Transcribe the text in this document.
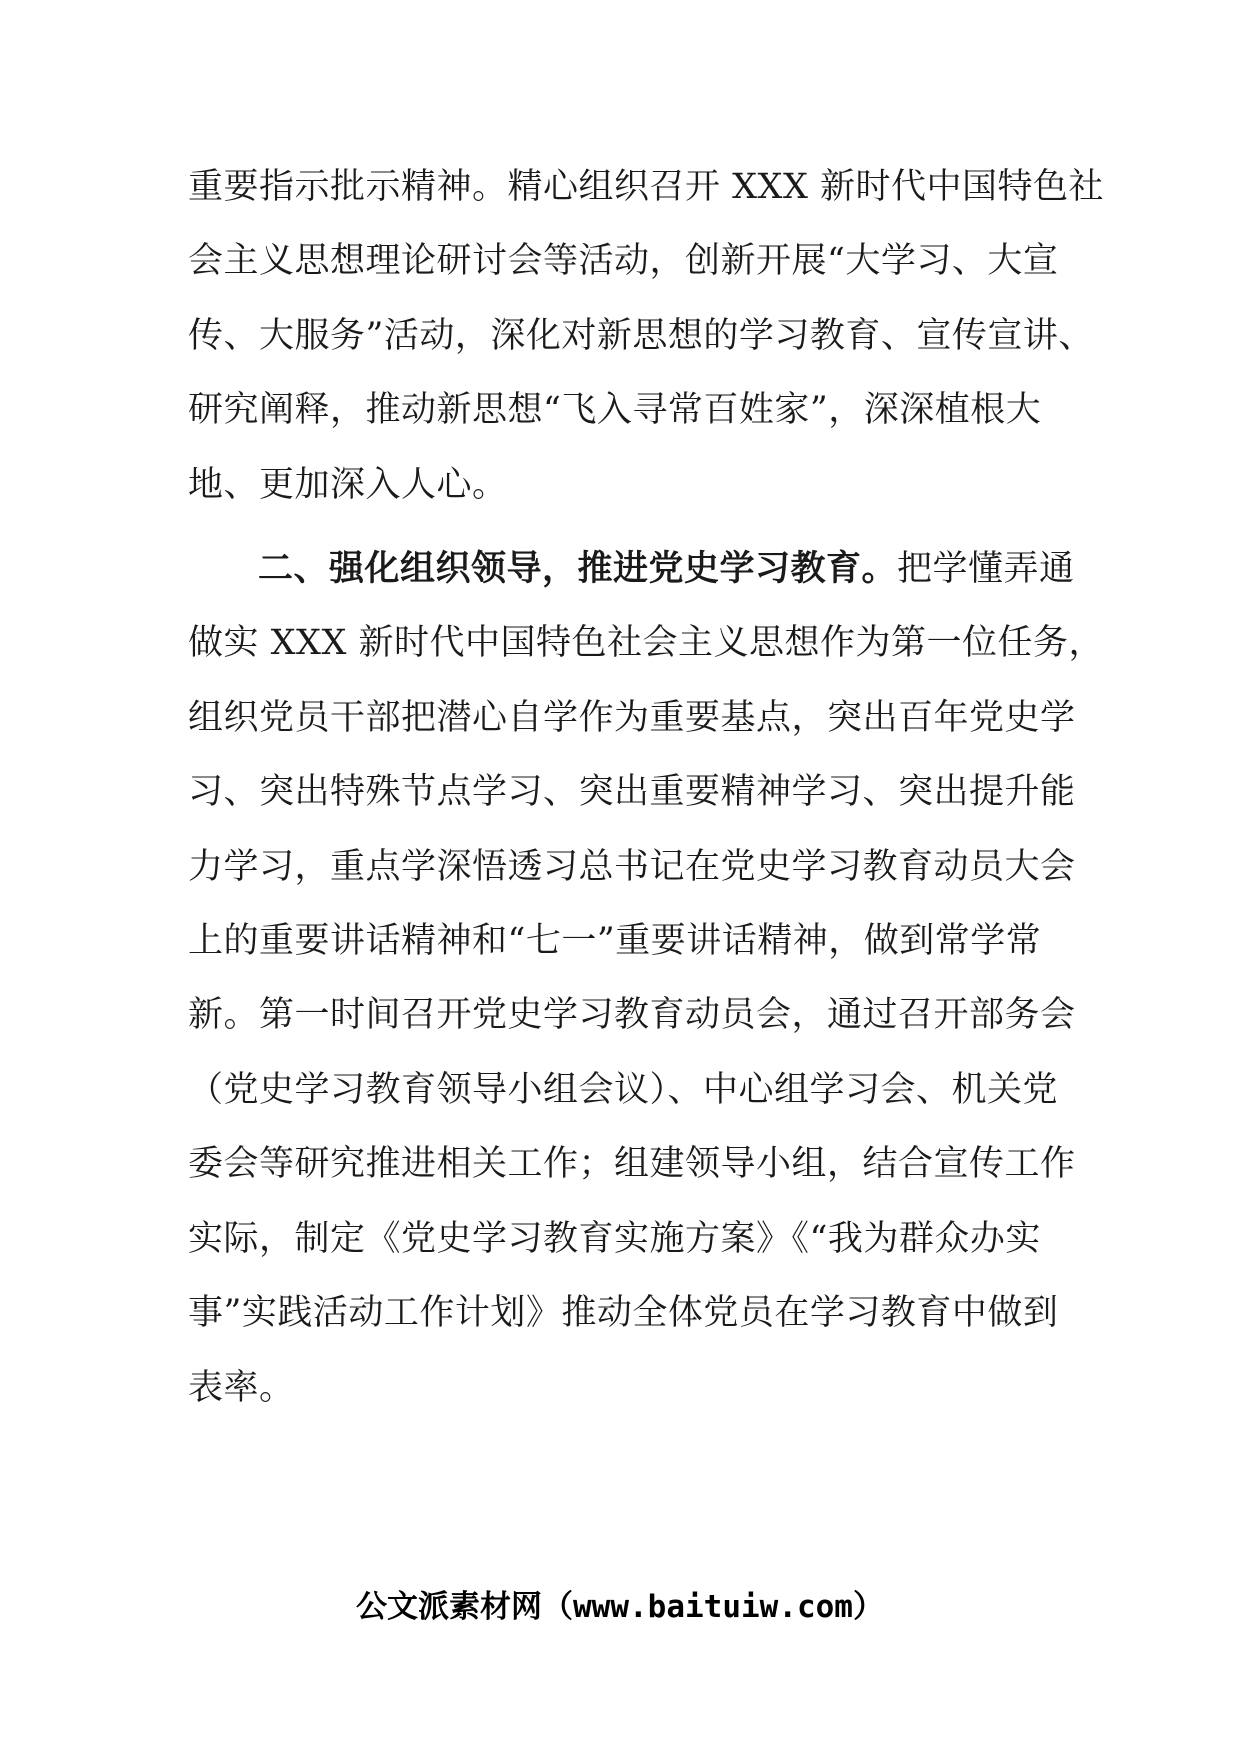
重要指示批示精神。精心组织召开 XXX 新时代中国特色社
会主义思想理论研讨会等活动，创新开展“大学习、大宣
传、大服务”活动，深化对新思想的学习教育、宣传宣讲、
研究阐释，推动新思想“飞入寻常百姓家”，深深植根大
地、更加深入人心。
二、强化组织领导，推进党史学习教育。把学懂弄通
做实 XXX 新时代中国特色社会主义思想作为第一位任务，
组织党员干部把潜心自学作为重要基点，突出百年党史学
习、突出特殊节点学习、突出重要精神学习、突出提升能
力学习，重点学深悟透习总书记在党史学习教育动员大会
上的重要讲话精神和“七一”重要讲话精神，做到常学常
新。第一时间召开党史学习教育动员会，通过召开部务会
（党史学习教育领导小组会议）、中心组学习会、机关党
委会等研究推进相关工作；组建领导小组，结合宣传工作
实际，制定《党史学习教育实施方案》《“我为群众办实
事”实践活动工作计划》推动全体党员在学习教育中做到
表率。
公文派素材网（www.baituiw.com）
